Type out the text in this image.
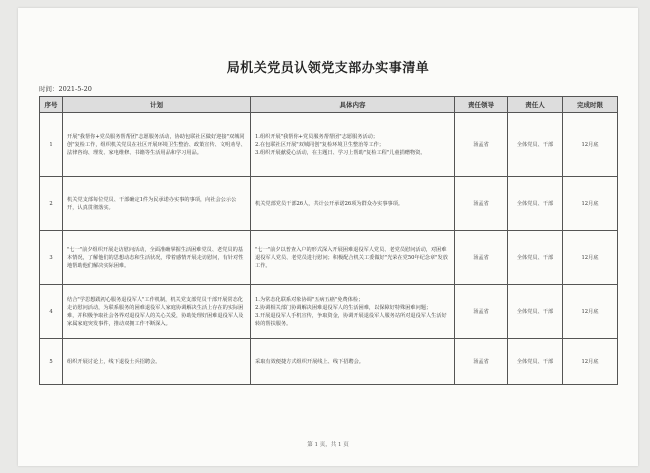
局机关党员认领党支部办实事清单
时间：2021-5-20
序号	计划	具体内容	责任领导	责任人	完成时限
1	开展"我帮你+党员服务帮帮团"志愿服务活动，协助包联社区做好迎接"双城同创"复检工作，组织机关党员在社区开展环境卫生整治、政策宣传、文明劝导、法律咨询、理发、家电维修、书籍等生活用品和学习用品。	1.组织开展"我帮你+党员服务帮帮团"志愿服务活动；
2.在包联社区开展"双城同创"复检环境卫生整治等工作；
3.组织开展献爱心活动，在主题日、学习上帮助"复检工程"儿童捐赠物资。	汤孟省	全体党员、干部	12月底
2	机关党支部每位党员、干部确定1件为民承诺办实事的事项，向社会公示公开，认真贯彻落实。	机关党部党员干部26人，共计公开承诺26项为群众办实事事项。	汤孟省	全体党员、干部	12月底
3	"七一"前夕组织开展走访慰问活动，全面准确掌握生活困难党员、老党员的基本情况，了解他们的思想动态和生活状况，带着感情开展走访慰问，有针对性地帮助他们解决实际困难。	"七一"前夕以普查入户的形式深入开展困难退役军人党员、老党员慰问活动，对困难退役军人党员、老党员进行慰问；积极配合机关工委做好"光荣在党50年纪念章"发放工作。	汤孟省	全体党员、干部	12月底
4	结合"学思想践初心服务退役军人"工作机制，机关党支部党员干部开展常态化走访慰问活动，为联系服务的困难退役军人家庭协调解决生活上存在的实际困难，并积极争取社会各界对退役军人的关心关爱，协助处理好困难退役军人及家属家庭突发事件，推动双拥工作不断深入。	1.为常态化联系对象协调"五病五癌"免费体检；
2.协调相关部门协调解决困难退役军人的生活困难，以保障好特殊困难问题；
3.开展退役军人手机宣传，争取资金，协调开展退役军人服务站所对退役军人生活好转的帮扶服务。	汤孟省	全体党员、干部	12月底
5	组织开展讨论上，线下退役士兵招聘会。	采取有效便捷方式组织开展线上、线下招聘会。	汤孟省	全体党员、干部	12月底
第 1 页，共 1 页
